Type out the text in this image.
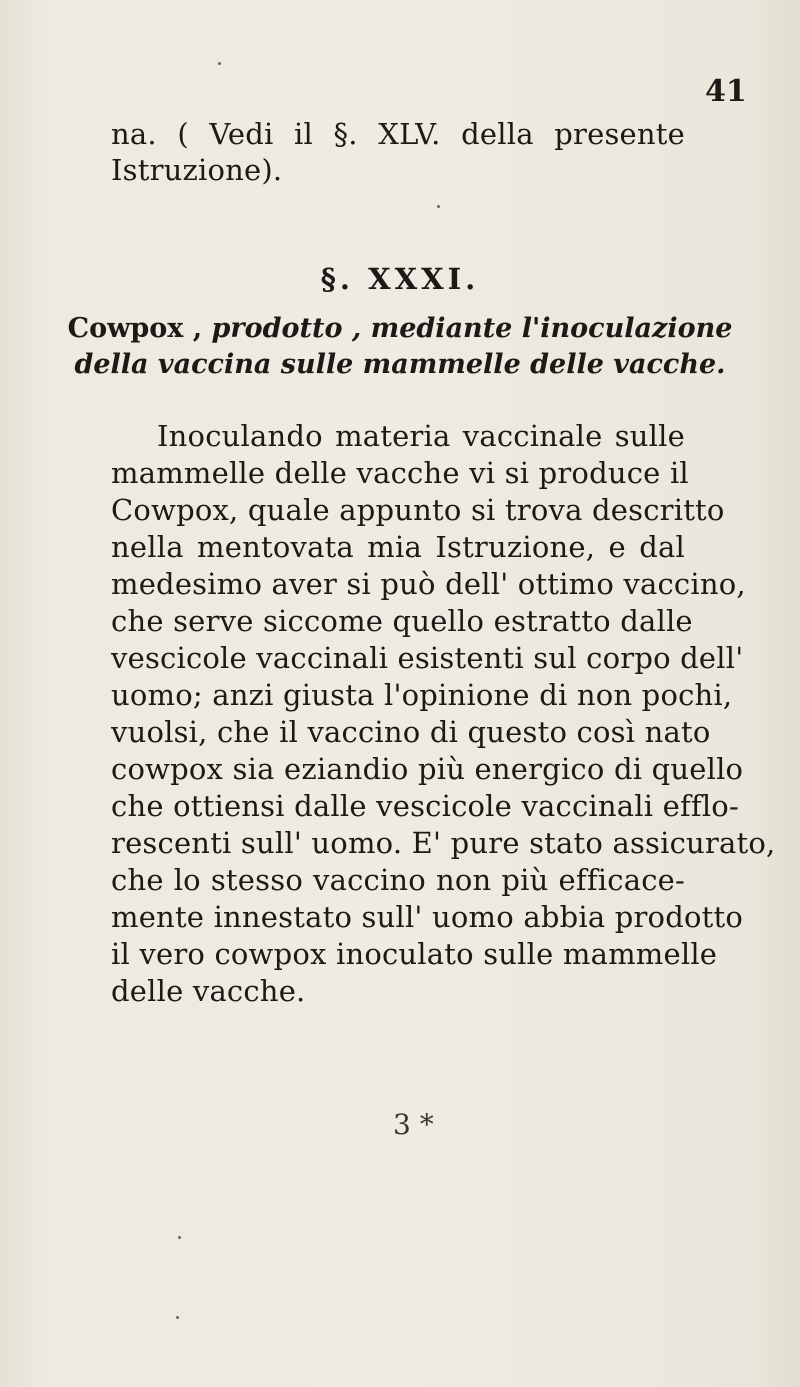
41
na. ( Vedi il §. XLV. della presente
Istruzione).
§. XXXI.
Cowpox , prodotto , mediante l'inoculazione
della vaccina sulle mammelle delle vacche.
Inoculando materia vaccinale sulle
mammelle delle vacche vi si produce il
Cowpox, quale appunto si trova descritto
nella mentovata mia Istruzione, e dal
medesimo aver si può dell' ottimo vaccino,
che serve siccome quello estratto dalle
vescicole vaccinali esistenti sul corpo dell'
uomo; anzi giusta l'opinione di non pochi,
vuolsi, che il vaccino di questo così nato
cowpox sia eziandio più energico di quello
che ottiensi dalle vescicole vaccinali efflo-
rescenti sull' uomo. E' pure stato assicurato,
che lo stesso vaccino non più efficace-
mente innestato sull' uomo abbia prodotto
il vero cowpox inoculato sulle mammelle
delle vacche.
3 *
